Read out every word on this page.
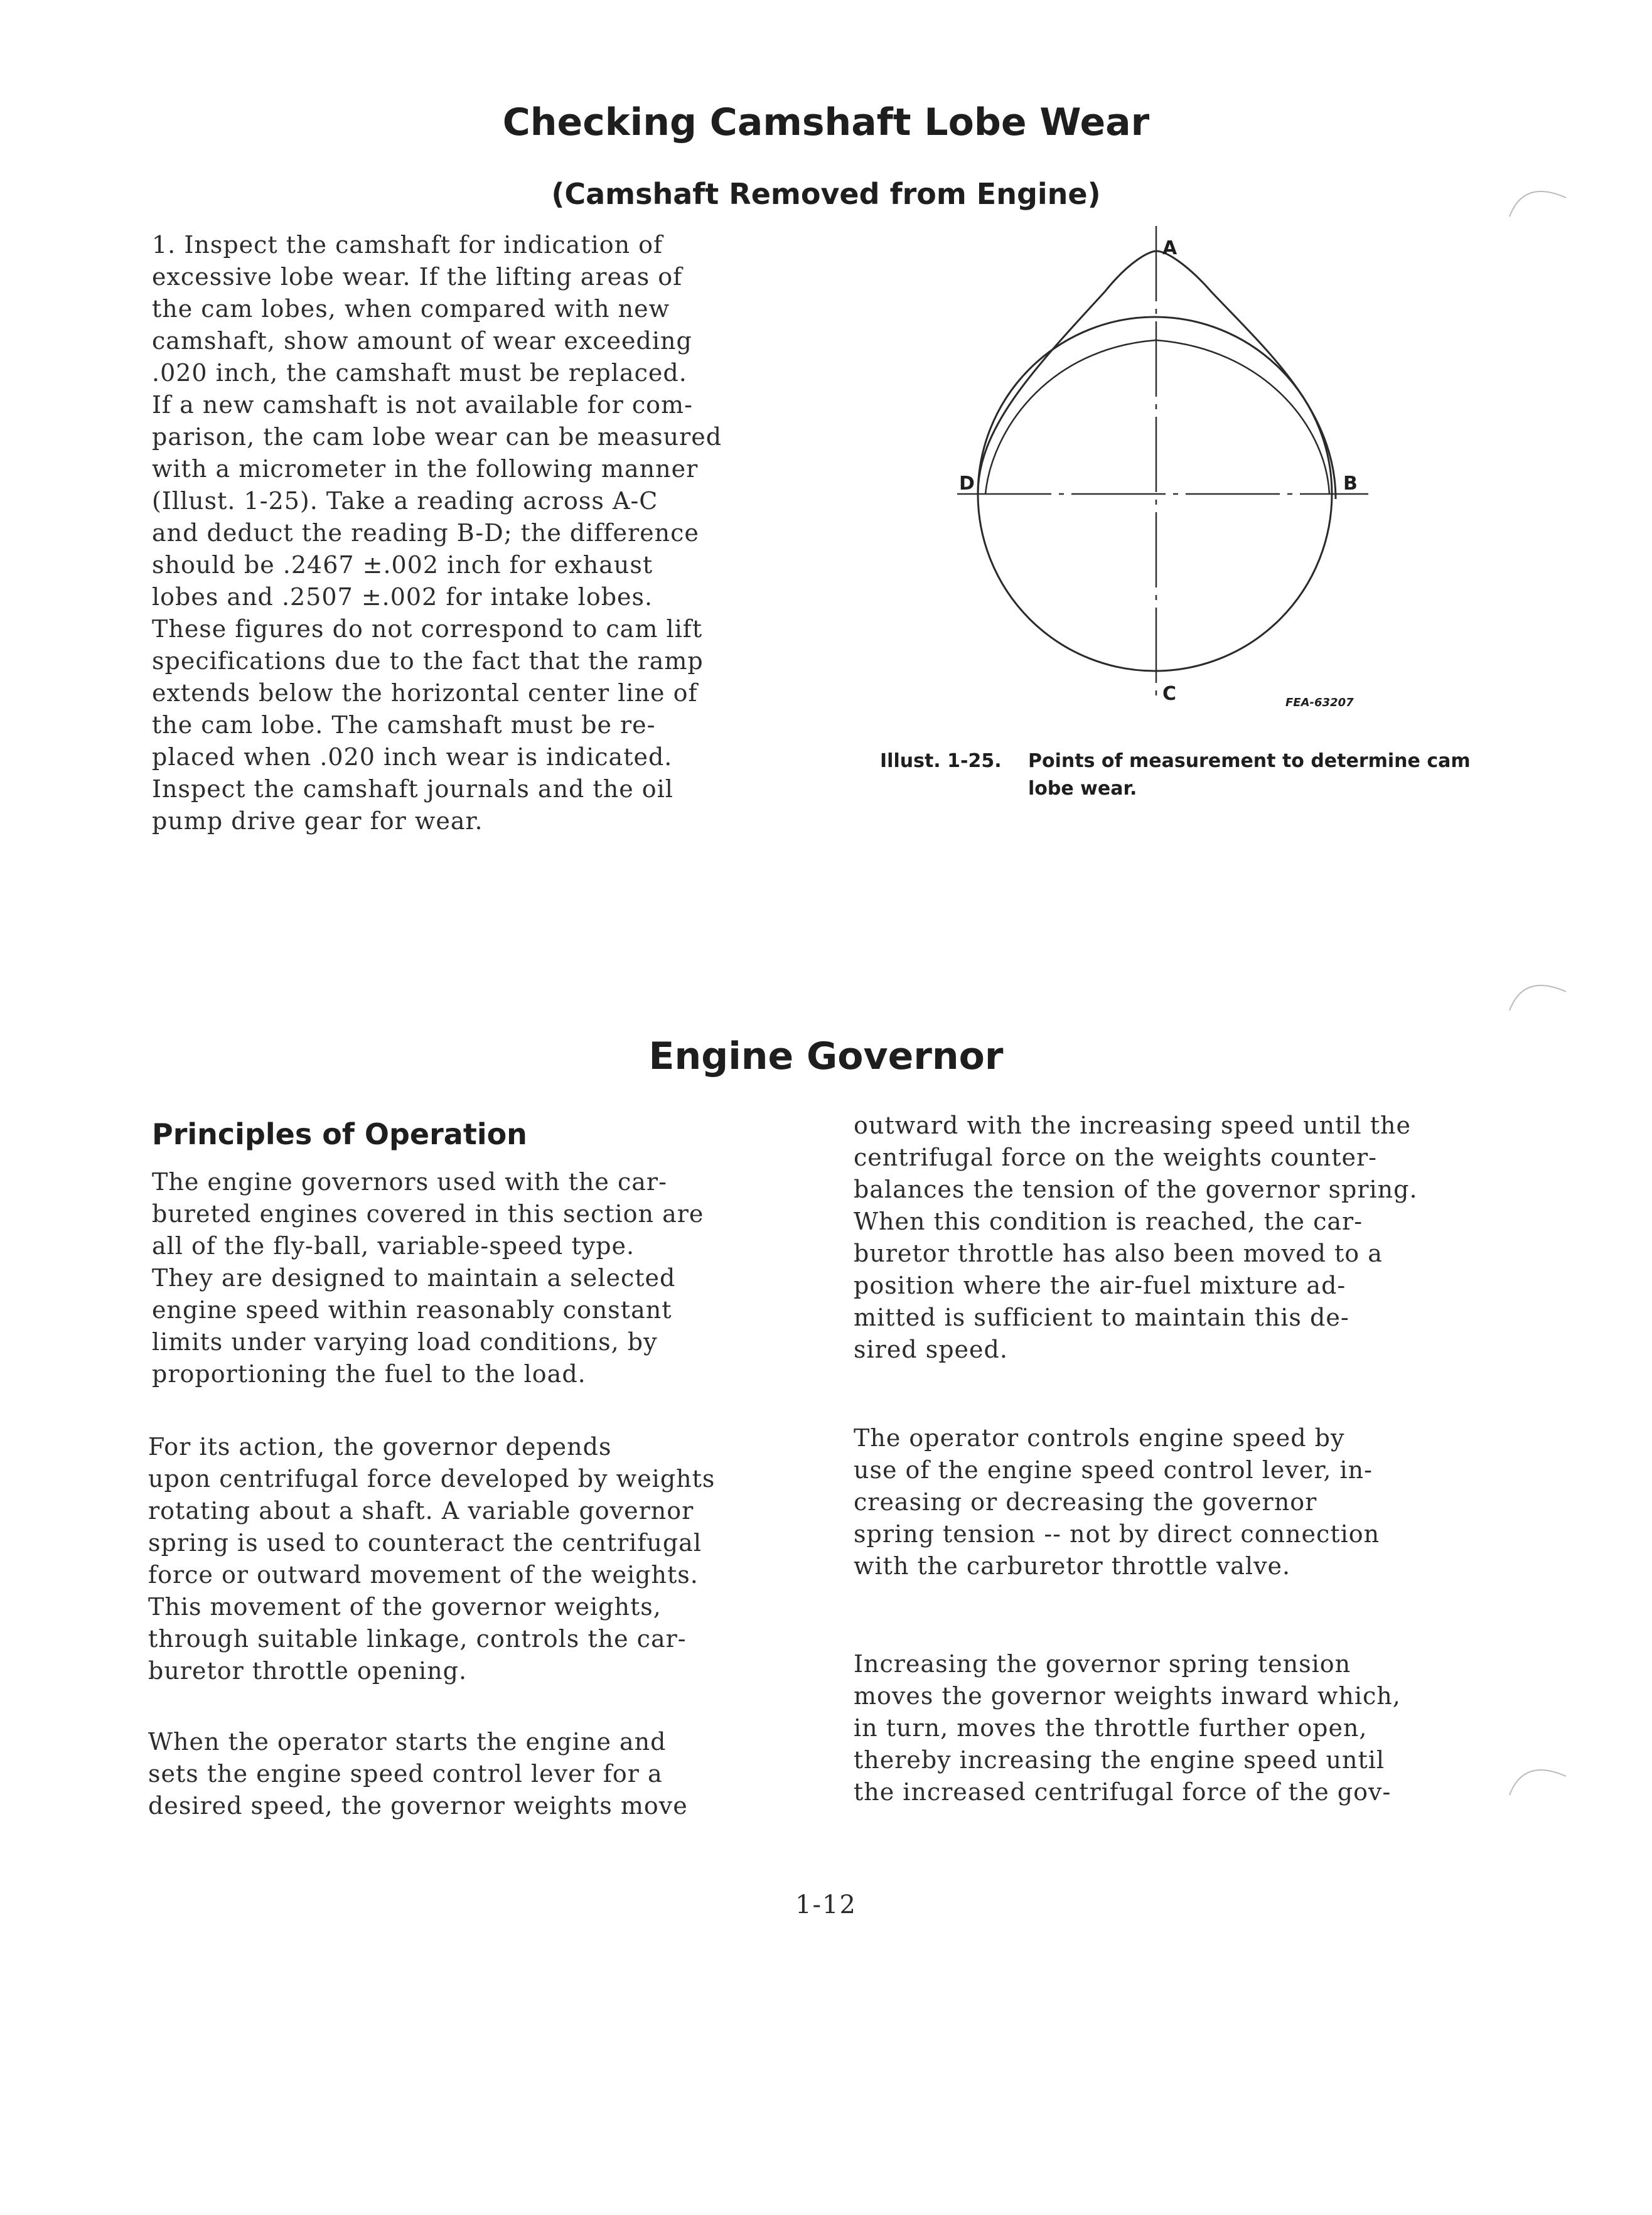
Checking Camshaft Lobe Wear
(Camshaft Removed from Engine)

1. Inspect the camshaft for indication of
excessive lobe wear. If the lifting areas of
the cam lobes, when compared with new
camshaft, show amount of wear exceeding
.020 inch, the camshaft must be replaced.
If a new camshaft is not available for com-
parison, the cam lobe wear can be measured
with a micrometer in the following manner
(Illust. 1-25). Take a reading across A-C
and deduct the reading B-D; the difference
should be .2467 ±.002 inch for exhaust
lobes and .2507 ±.002 for intake lobes.
These figures do not correspond to cam lift
specifications due to the fact that the ramp
extends below the horizontal center line of
the cam lobe. The camshaft must be re-
placed when .020 inch wear is indicated.
Inspect the camshaft journals and the oil
pump drive gear for wear.

A
B
C
D
FEA-63207

Illust. 1-25. Points of measurement to determine cam
lobe wear.

Engine Governor
Principles of Operation

The engine governors used with the car-
bureted engines covered in this section are
all of the fly-ball, variable-speed type.
They are designed to maintain a selected
engine speed within reasonably constant
limits under varying load conditions, by
proportioning the fuel to the load.

For its action, the governor depends
upon centrifugal force developed by weights
rotating about a shaft. A variable governor
spring is used to counteract the centrifugal
force or outward movement of the weights.
This movement of the governor weights,
through suitable linkage, controls the car-
buretor throttle opening.

When the operator starts the engine and
sets the engine speed control lever for a
desired speed, the governor weights move

outward with the increasing speed until the
centrifugal force on the weights counter-
balances the tension of the governor spring.
When this condition is reached, the car-
buretor throttle has also been moved to a
position where the air-fuel mixture ad-
mitted is sufficient to maintain this de-
sired speed.

The operator controls engine speed by
use of the engine speed control lever, in-
creasing or decreasing the governor
spring tension -- not by direct connection
with the carburetor throttle valve.

Increasing the governor spring tension
moves the governor weights inward which,
in turn, moves the throttle further open,
thereby increasing the engine speed until
the increased centrifugal force of the gov-

1-12
